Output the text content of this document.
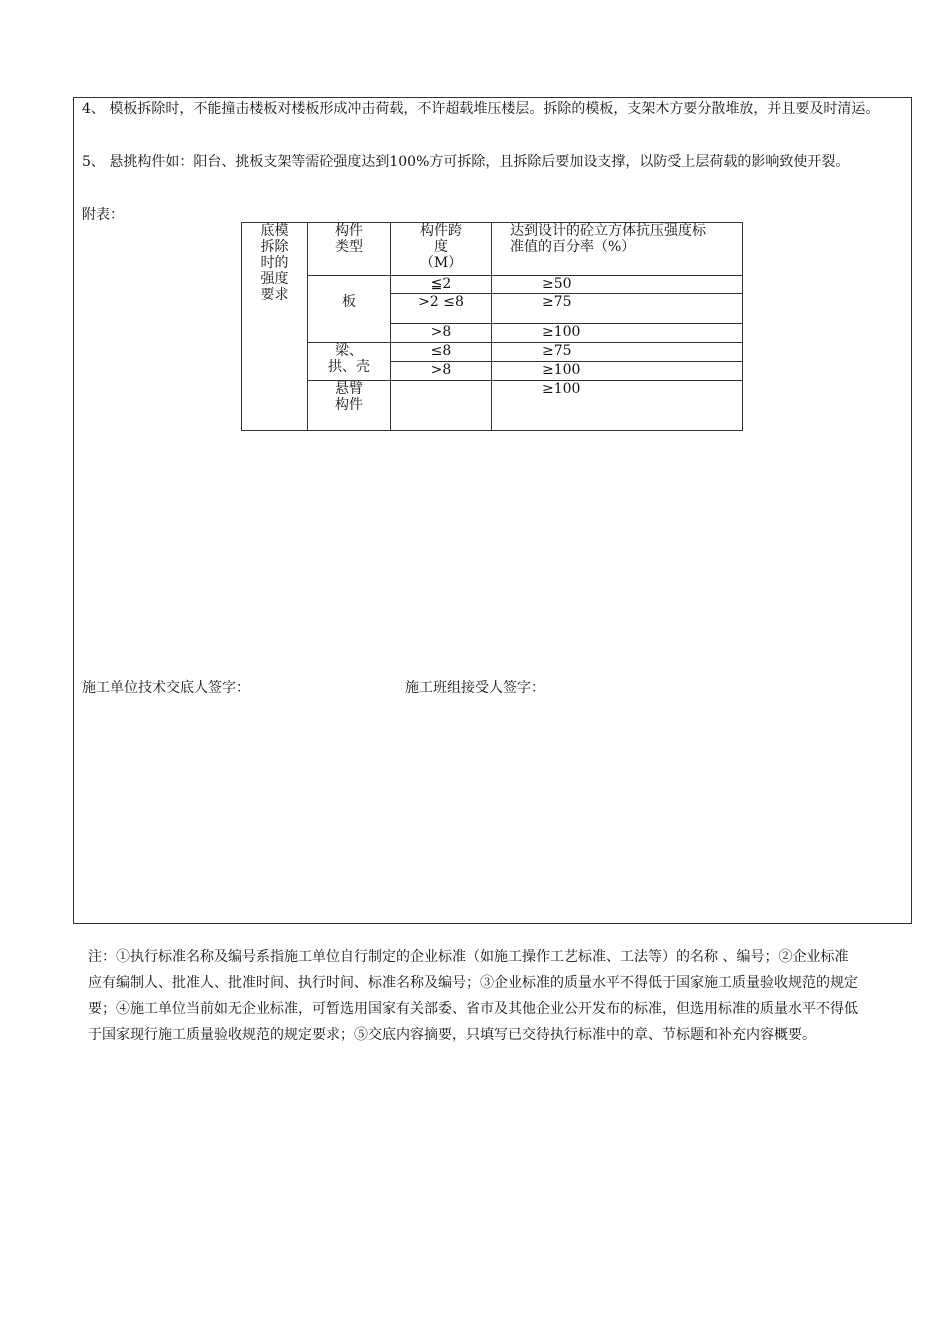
4、 模板拆除时，不能撞击楼板对楼板形成冲击荷载，不许超载堆压楼层。拆除的模板，支架木方要分散堆放，并且要及时清运。

5、 悬挑构件如：阳台、挑板支架等需砼强度达到100%方可拆除，且拆除后要加设支撑，以防受上层荷载的影响致使开裂。

附表：

底模拆除时的强度要求	构件类型	构件跨度（M）	达到设计的砼立方体抗压强度标准值的百分率（%）

	板	≦2	≥50

		>2 ≤8	≥75

		>8	≥100

	梁、拱、壳	≤8	≥75

		>8	≥100

	悬臂构件		≥100
施工单位技术交底人签字：	施工班组接受人签字：

注：①执行标准名称及编号系指施工单位自行制定的企业标准（如施工操作工艺标准、工法等）的名称 、编号；②企业标准应有编制人、批准人、批准时间、执行时间、标准名称及编号；③企业标准的质量水平不得低于国家施工质量验收规范的规定要；④施工单位当前如无企业标准，可暂选用国家有关部委、省市及其他企业公开发布的标准，但选用标准的质量水平不得低于国家现行施工质量验收规范的规定要求；⑤交底内容摘要，只填写已交待执行标准中的章、节标题和补充内容概要。
